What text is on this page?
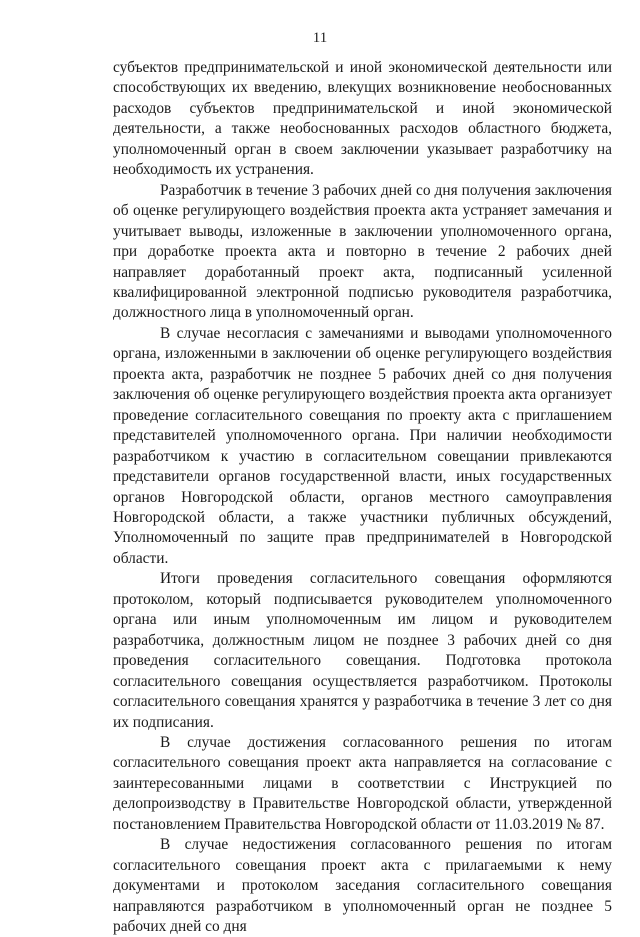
11

субъектов предпринимательской и иной экономической деятельности или способствующих их введению, влекущих возникновение необоснованных расходов субъектов предпринимательской и иной экономической деятельности, а также необоснованных расходов областного бюджета, уполномоченный орган в своем заключении указывает разработчику на необходимость их устранения.

Разработчик в течение 3 рабочих дней со дня получения заключения об оценке регулирующего воздействия проекта акта устраняет замечания и учитывает выводы, изложенные в заключении уполномоченного органа, при доработке проекта акта и повторно в течение 2 рабочих дней направляет доработанный проект акта, подписанный усиленной квалифицированной электронной подписью руководителя разработчика, должностного лица в уполномоченный орган.

В случае несогласия с замечаниями и выводами уполномоченного органа, изложенными в заключении об оценке регулирующего воздействия проекта акта, разработчик не позднее 5 рабочих дней со дня получения заключения об оценке регулирующего воздействия проекта акта организует проведение согласительного совещания по проекту акта с приглашением представителей уполномоченного органа. При наличии необходимости разработчиком к участию в согласительном совещании привлекаются представители органов государственной власти, иных государственных органов Новгородской области, органов местного самоуправления Новгородской области, а также участники публичных обсуждений, Уполномоченный по защите прав предпринимателей в Новгородской области.

Итоги проведения согласительного совещания оформляются протоколом, который подписывается руководителем уполномоченного органа или иным уполномоченным им лицом и руководителем разработчика, должностным лицом не позднее 3 рабочих дней со дня проведения согласительного совещания. Подготовка протокола согласительного совещания осуществляется разработчиком. Протоколы согласительного совещания хранятся у разработчика в течение 3 лет со дня их подписания.

В случае достижения согласованного решения по итогам согласительного совещания проект акта направляется на согласование с заинтересованными лицами в соответствии с Инструкцией по делопроизводству в Правительстве Новгородской области, утвержденной постановлением Правительства Новгородской области от 11.03.2019 № 87.

В случае недостижения согласованного решения по итогам согласительного совещания проект акта с прилагаемыми к нему документами и протоколом заседания согласительного совещания направляются разработчиком в уполномоченный орган не позднее 5 рабочих дней со дня
